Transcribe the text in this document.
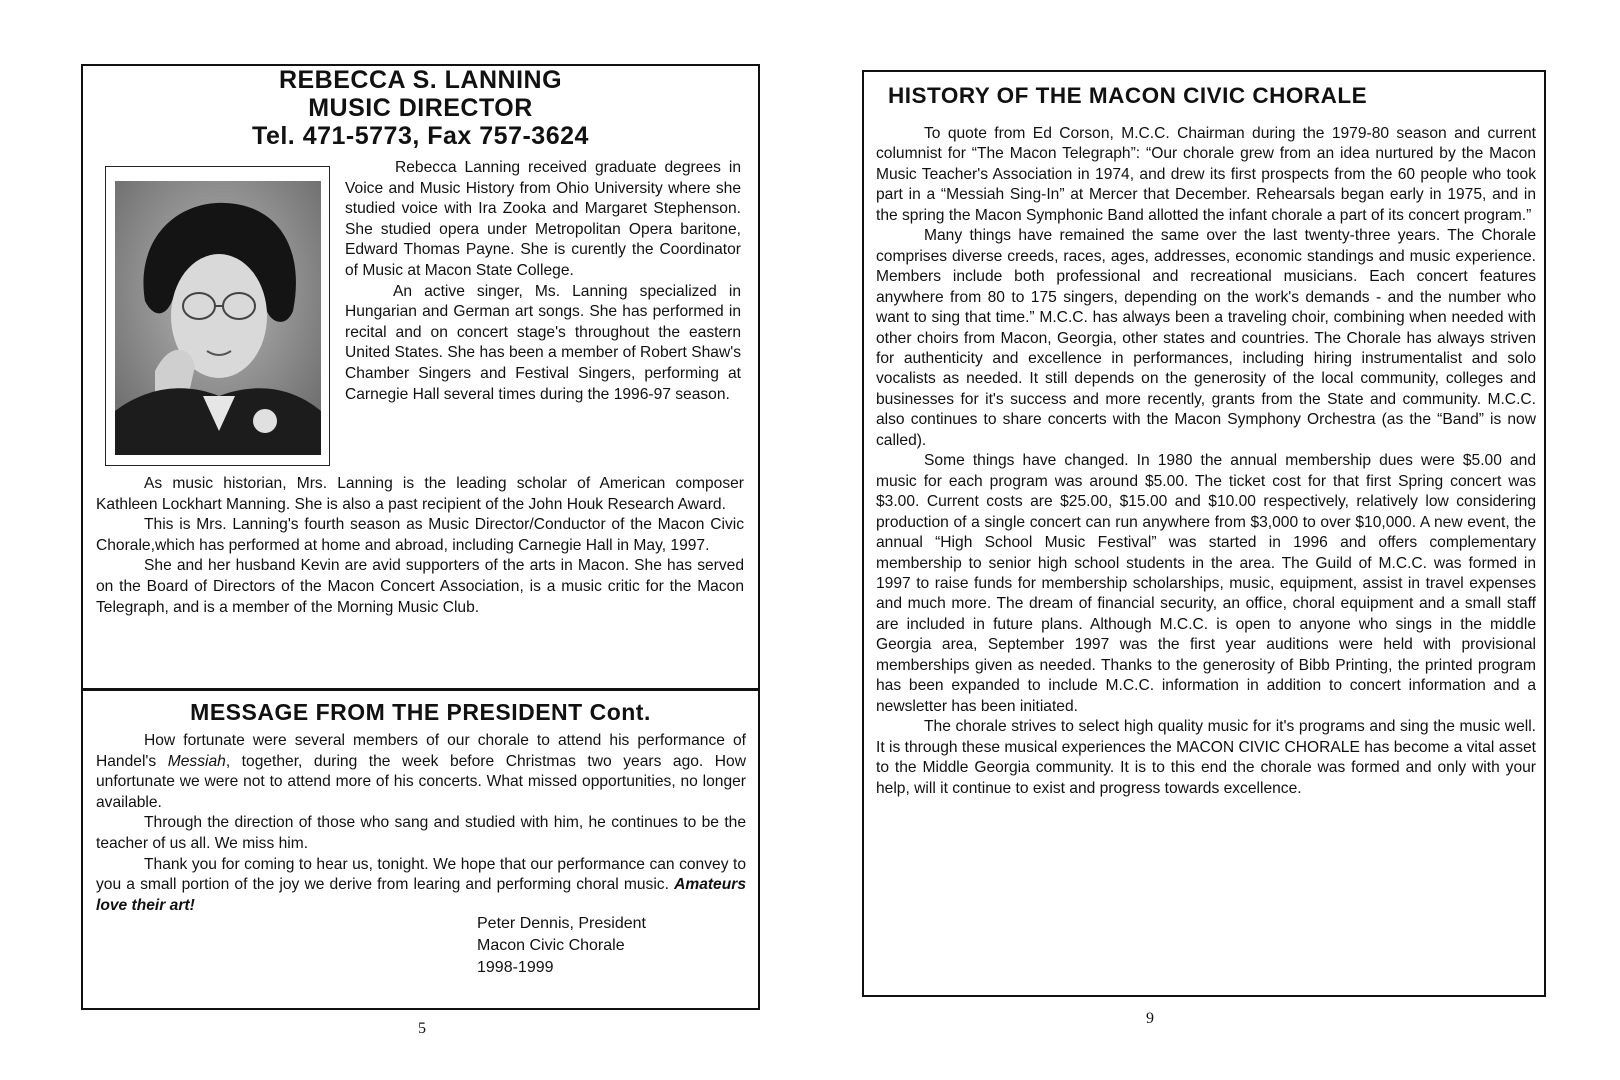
REBECCA S. LANNING
MUSIC DIRECTOR
Tel. 471-5773, Fax 757-3624

Rebecca Lanning received graduate degrees in Voice and Music History from Ohio University where she studied voice with Ira Zooka and Margaret Stephenson. She studied opera under Metropolitan Opera baritone, Edward Thomas Payne. She is curently the Coordinator of Music at Macon State College.

An active singer, Ms. Lanning specialized in Hungarian and German art songs. She has performed in recital and on concert stage's throughout the eastern United States. She has been a member of Robert Shaw's Chamber Singers and Festival Singers, performing at Carnegie Hall several times during the 1996-97 season.

As music historian, Mrs. Lanning is the leading scholar of American composer Kathleen Lockhart Manning. She is also a past recipient of the John Houk Research Award.

This is Mrs. Lanning's fourth season as Music Director/Conductor of the Macon Civic Chorale,which has performed at home and abroad, including Carnegie Hall in May, 1997.

She and her husband Kevin are avid supporters of the arts in Macon. She has served on the Board of Directors of the Macon Concert Association, is a music critic for the Macon Telegraph, and is a member of the Morning Music Club.

MESSAGE FROM THE PRESIDENT Cont.

How fortunate were several members of our chorale to attend his performance of Handel's Messiah, together, during the week before Christmas two years ago. How unfortunate we were not to attend more of his concerts. What missed opportunities, no longer available.

Through the direction of those who sang and studied with him, he continues to be the teacher of us all. We miss him.

Thank you for coming to hear us, tonight. We hope that our performance can convey to you a small portion of the joy we derive from learing and performing choral music. Amateurs love their art!

Peter Dennis, President
Macon Civic Chorale
1998-1999
5
HISTORY OF THE MACON CIVIC CHORALE

To quote from Ed Corson, M.C.C. Chairman during the 1979-80 season and current columnist for “The Macon Telegraph”: “Our chorale grew from an idea nurtured by the Macon Music Teacher's Association in 1974, and drew its first prospects from the 60 people who took part in a “Messiah Sing-In” at Mercer that December. Rehearsals began early in 1975, and in the spring the Macon Symphonic Band allotted the infant chorale a part of its concert program.”

Many things have remained the same over the last twenty-three years. The Chorale comprises diverse creeds, races, ages, addresses, economic standings and music experience. Members include both professional and recreational musicians. Each concert features anywhere from 80 to 175 singers, depending on the work's demands - and the number who want to sing that time.” M.C.C. has always been a traveling choir, combining when needed with other choirs from Macon, Georgia, other states and countries. The Chorale has always striven for authenticity and excellence in performances, including hiring instrumentalist and solo vocalists as needed. It still depends on the generosity of the local community, colleges and businesses for it's success and more recently, grants from the State and community. M.C.C. also continues to share concerts with the Macon Symphony Orchestra (as the “Band” is now called).

Some things have changed. In 1980 the annual membership dues were $5.00 and music for each program was around $5.00. The ticket cost for that first Spring concert was $3.00. Current costs are $25.00, $15.00 and $10.00 respectively, relatively low considering production of a single concert can run anywhere from $3,000 to over $10,000. A new event, the annual “High School Music Festival” was started in 1996 and offers complementary membership to senior high school students in the area. The Guild of M.C.C. was formed in 1997 to raise funds for membership scholarships, music, equipment, assist in travel expenses and much more. The dream of financial security, an office, choral equipment and a small staff are included in future plans. Although M.C.C. is open to anyone who sings in the middle Georgia area, September 1997 was the first year auditions were held with provisional memberships given as needed. Thanks to the generosity of Bibb Printing, the printed program has been expanded to include M.C.C. information in addition to concert information and a newsletter has been initiated.

The chorale strives to select high quality music for it's programs and sing the music well. It is through these musical experiences the MACON CIVIC CHORALE has become a vital asset to the Middle Georgia community. It is to this end the chorale was formed and only with your help, will it continue to exist and progress towards excellence.

9
